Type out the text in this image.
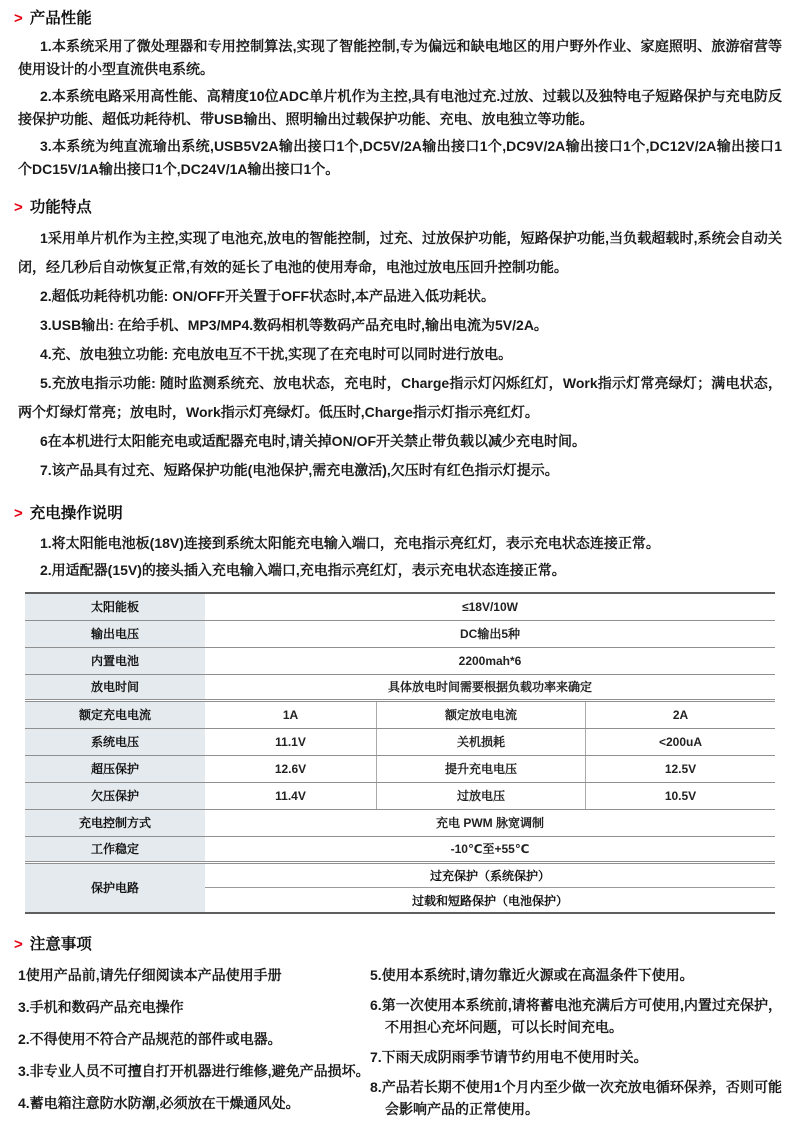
> 产品性能

1.本系统采用了微处理器和专用控制算法,实现了智能控制,专为偏远和缺电地区的用户野外作业、家庭照明、旅游宿营等使用设计的小型直流供电系统。

2.本系统电路采用高性能、高精度10位ADC单片机作为主控,具有电池过充.过放、过载以及独特电子短路保护与充电防反接保护功能、超低功耗待机、带USB输出、照明输出过载保护功能、充电、放电独立等功能。

3.本系统为纯直流瑜出系统,USB5V2A输出接口1个,DC5V/2A输出接口1个,DC9V/2A输出接口1个,DC12V/2A输出接口1个DC15V/1A输出接口1个,DC24V/1A输出接口1个。

> 功能特点

1采用单片机作为主控,实现了电池充,放电的智能控制，过充、过放保护功能，短路保护功能,当负载超载时,系统会自动关闭，经几秒后自动恢复正常,有效的延长了电池的使用寿命，电池过放电压回升控制功能。

2.超低功耗待机功能: ON/OFF开关置于OFF状态时,本产品进入低功耗状。

3.USB输出: 在给手机、MP3/MP4.数码相机等数码产品充电时,输出电流为5V/2A。

4.充、放电独立功能: 充电放电互不干扰,实现了在充电时可以同时进行放电。

5.充放电指示功能: 随时监测系统充、放电状态，充电时，Charge指示灯闪烁红灯，Work指示灯常亮绿灯；满电状态，两个灯绿灯常亮；放电时，Work指示灯亮绿灯。低压时,Charge指示灯指示亮红灯。

6在本机进行太阳能充电或适配器充电时,请关掉ON/OF开关禁止带负载以减少充电时间。

7.该产品具有过充、短路保护功能(电池保护,需充电激活),欠压时有红色指示灯提示。

> 充电操作说明

1.将太阳能电池板(18V)连接到系统太阳能充电输入端口，充电指示亮红灯，表示充电状态连接正常。

2.用适配器(15V)的接头插入充电输入端口,充电指示亮红灯，表示充电状态连接正常。

太阳能板	≤18V/10W
输出电压	DC输出5种
内置电池	2200mah*6
放电时间	具体放电时间需要根据负载功率来确定
额定充电电流	1A	额定放电电流	2A
系统电压	11.1V	关机损耗	<200uA
超压保护	12.6V	提升充电电压	12.5V
欠压保护	11.4V	过放电压	10.5V
充电控制方式	充电 PWM 脉宽调制
工作稳定	-10℃至+55℃
保护电路
过充保护（系统保护）
过载和短路保护（电池保护）
> 注意事项

1使用产品前,请先仔细阅读本产品使用手册

3.手机和数码产品充电操作

2.不得使用不符合产品规范的部件或电器。

3.非专业人员不可擅自打开机器进行维修,避免产品损坏。

4.蓄电箱注意防水防潮,必须放在干燥通风处。

5.使用本系统时,请勿靠近火源或在高温条件下使用。

6.第一次使用本系统前,请将蓄电池充满后方可使用,内置过充保护，不用担心充坏问题，可以长时间充电。

7.下雨天成阴雨季节请节约用电不使用时关。

8.产品若长期不使用1个月内至少做一次充放电循环保养，否则可能会影响产品的正常使用。
